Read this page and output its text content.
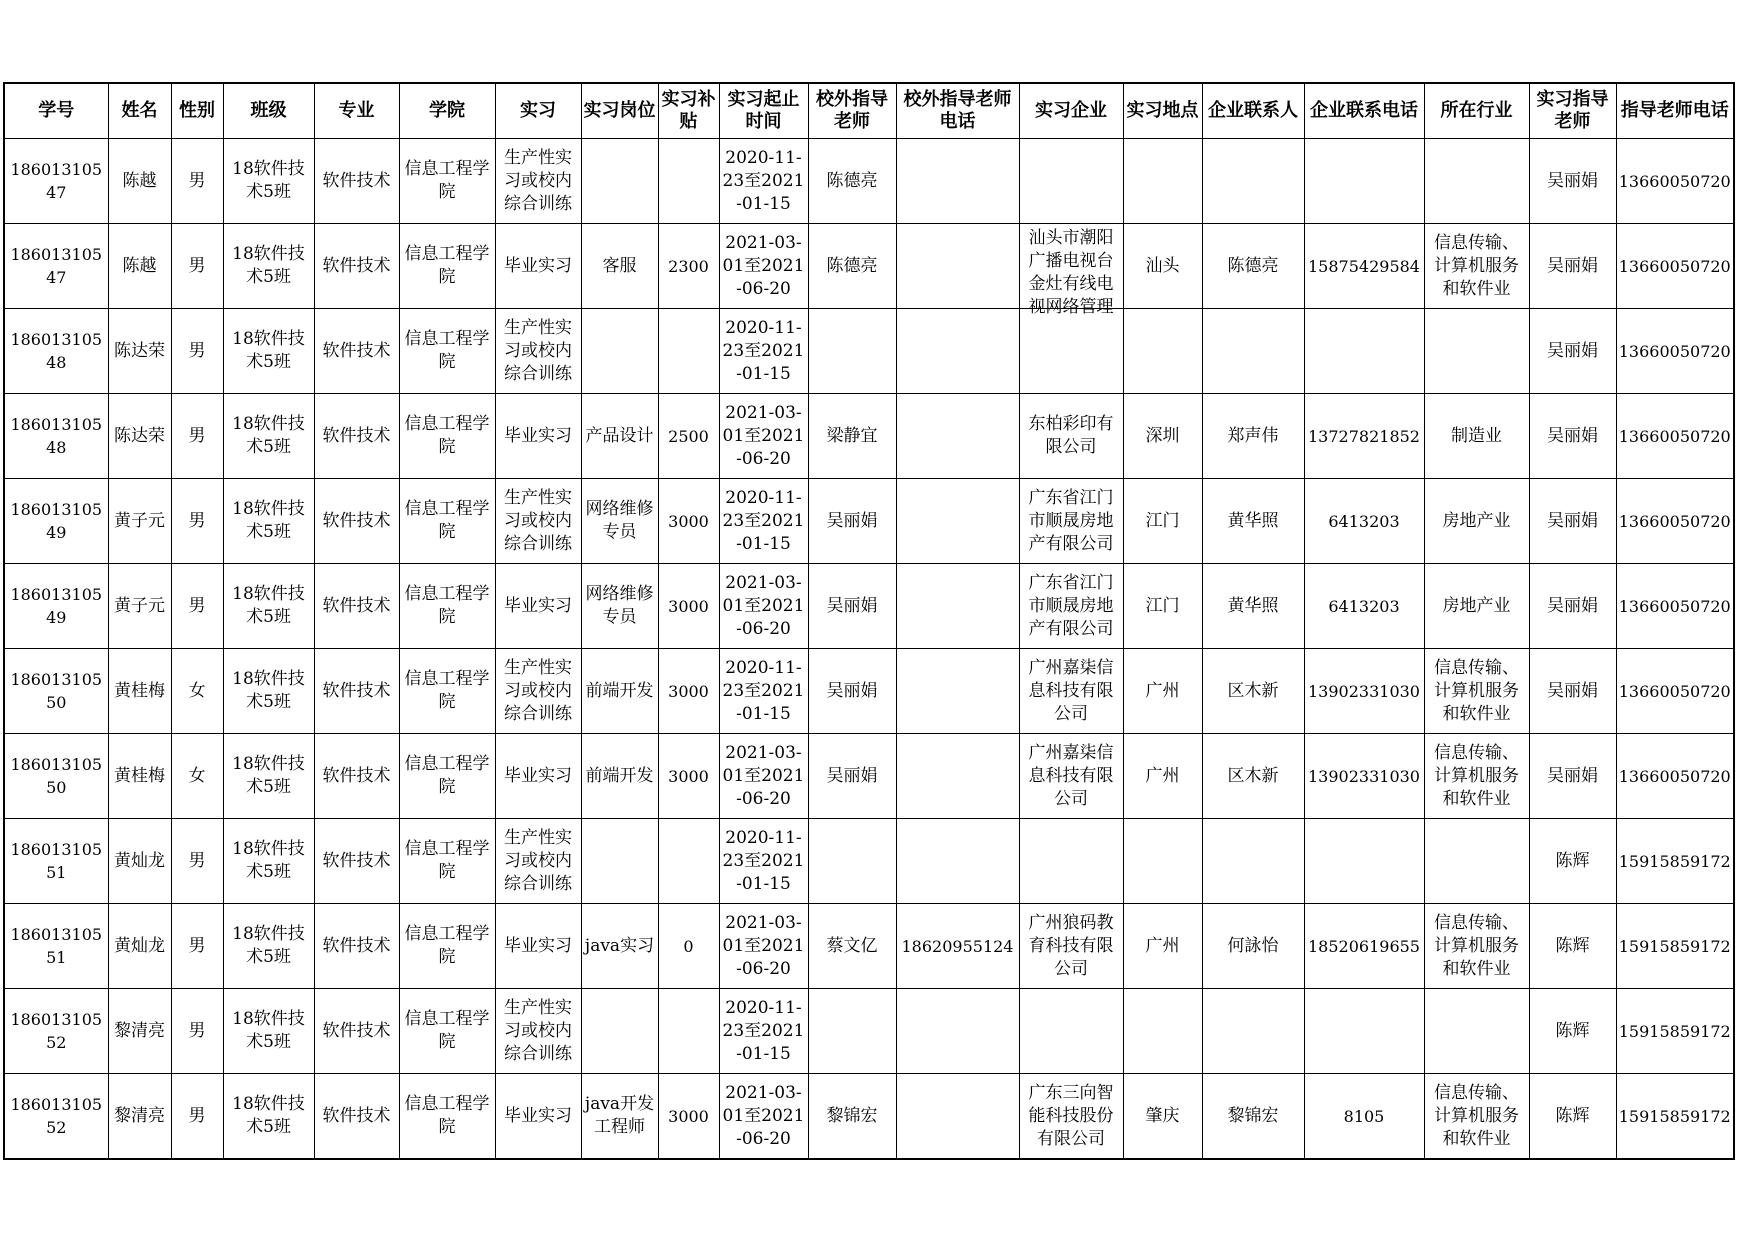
学号	姓名	性别	班级	专业	学院	实习	实习岗位	实习补贴	实习起止时间	校外指导老师	校外指导老师电话	实习企业	实习地点	企业联系人	企业联系电话	所在行业	实习指导老师	指导老师电话

18601310547	陈越	男	18软件技术5班	软件技术	信息工程学院	生产性实习或校内综合训练			2020-11-23至2021-01-15	陈德亮							吴丽娟	13660050720

18601310547	陈越	男	18软件技术5班	软件技术	信息工程学院	毕业实习	客服	2300	2021-03-01至2021-06-20	陈德亮		汕头市潮阳广播电视台金灶有线电视网络管理	汕头	陈德亮	15875429584	信息传输、计算机服务和软件业	吴丽娟	13660050720

18601310548	陈达荣	男	18软件技术5班	软件技术	信息工程学院	生产性实习或校内综合训练			2020-11-23至2021-01-15								吴丽娟	13660050720

18601310548	陈达荣	男	18软件技术5班	软件技术	信息工程学院	毕业实习	产品设计	2500	2021-03-01至2021-06-20	梁静宜		东柏彩印有限公司	深圳	郑声伟	13727821852	制造业	吴丽娟	13660050720

18601310549	黄子元	男	18软件技术5班	软件技术	信息工程学院	生产性实习或校内综合训练	网络维修专员	3000	2020-11-23至2021-01-15	吴丽娟		广东省江门市顺晟房地产有限公司	江门	黄华照	6413203	房地产业	吴丽娟	13660050720

18601310549	黄子元	男	18软件技术5班	软件技术	信息工程学院	毕业实习	网络维修专员	3000	2021-03-01至2021-06-20	吴丽娟		广东省江门市顺晟房地产有限公司	江门	黄华照	6413203	房地产业	吴丽娟	13660050720

18601310550	黄桂梅	女	18软件技术5班	软件技术	信息工程学院	生产性实习或校内综合训练	前端开发	3000	2020-11-23至2021-01-15	吴丽娟		广州嘉柒信息科技有限公司	广州	区木新	13902331030	信息传输、计算机服务和软件业	吴丽娟	13660050720

18601310550	黄桂梅	女	18软件技术5班	软件技术	信息工程学院	毕业实习	前端开发	3000	2021-03-01至2021-06-20	吴丽娟		广州嘉柒信息科技有限公司	广州	区木新	13902331030	信息传输、计算机服务和软件业	吴丽娟	13660050720

18601310551	黄灿龙	男	18软件技术5班	软件技术	信息工程学院	生产性实习或校内综合训练			2020-11-23至2021-01-15								陈辉	15915859172

18601310551	黄灿龙	男	18软件技术5班	软件技术	信息工程学院	毕业实习	java实习	0	2021-03-01至2021-06-20	蔡文亿	18620955124	广州狼码教育科技有限公司	广州	何詠怡	18520619655	信息传输、计算机服务和软件业	陈辉	15915859172

18601310552	黎清亮	男	18软件技术5班	软件技术	信息工程学院	生产性实习或校内综合训练			2020-11-23至2021-01-15								陈辉	15915859172

18601310552	黎清亮	男	18软件技术5班	软件技术	信息工程学院	毕业实习	java开发工程师	3000	2021-03-01至2021-06-20	黎锦宏		广东三向智能科技股份有限公司	肇庆	黎锦宏	8105	信息传输、计算机服务和软件业	陈辉	15915859172
